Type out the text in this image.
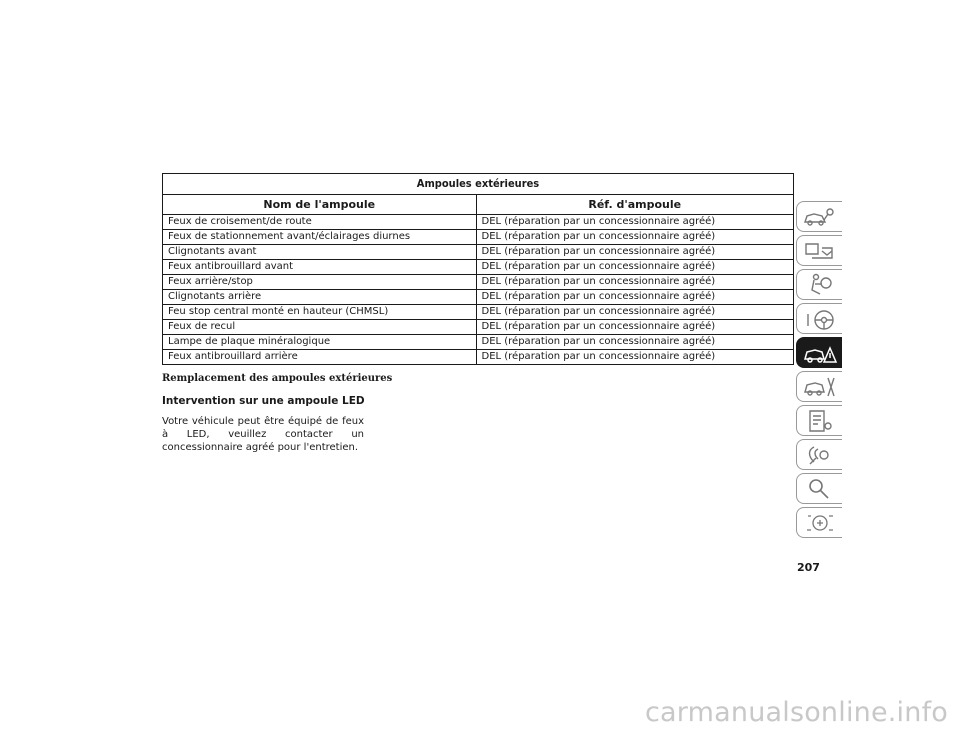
Ampoules extérieures
Nom de l'ampoule	Réf. d'ampoule
Feux de croisement/de route	DEL (réparation par un concessionnaire agréé)
Feux de stationnement avant/éclairages diurnes	DEL (réparation par un concessionnaire agréé)
Clignotants avant	DEL (réparation par un concessionnaire agréé)
Feux antibrouillard avant	DEL (réparation par un concessionnaire agréé)
Feux arrière/stop	DEL (réparation par un concessionnaire agréé)
Clignotants arrière	DEL (réparation par un concessionnaire agréé)
Feu stop central monté en hauteur (CHMSL)	DEL (réparation par un concessionnaire agréé)
Feux de recul	DEL (réparation par un concessionnaire agréé)
Lampe de plaque minéralogique	DEL (réparation par un concessionnaire agréé)
Feux antibrouillard arrière	DEL (réparation par un concessionnaire agréé)
Remplacement des ampoules extérieures
Intervention sur une ampoule LED
Votre véhicule peut être équipé de feux à LED, veuillez contacter un concessionnaire agréé pour l'entretien.
207
carmanualsonline.info
